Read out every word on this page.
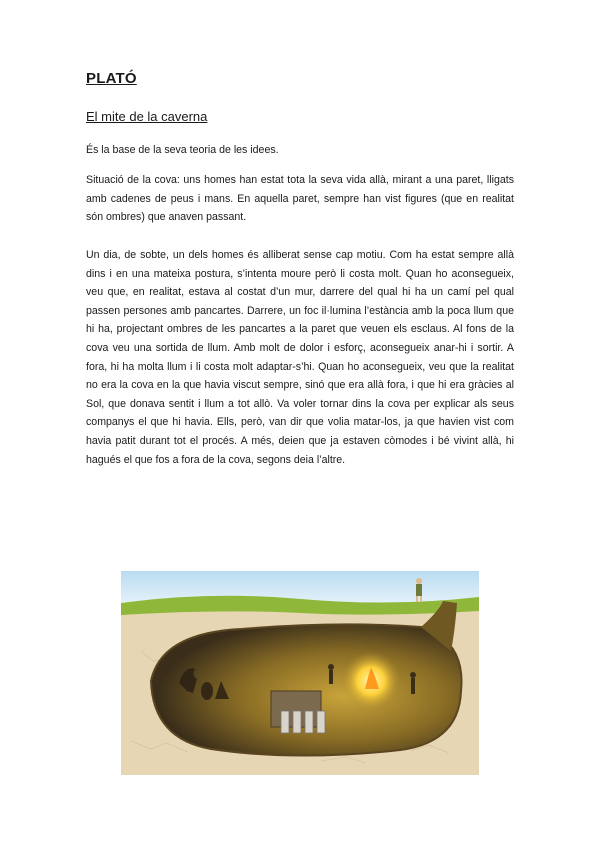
PLATÓ
El mite de la caverna

És la base de la seva teoria de les idees.

Situació de la cova: uns homes han estat tota la seva vida allà, mirant a una paret, lligats amb cadenes de peus i mans. En aquella paret, sempre han vist figures (que en realitat són ombres) que anaven passant.

Un dia, de sobte, un dels homes és alliberat sense cap motiu. Com ha estat sempre allà dins i en una mateixa postura, s’intenta moure però li costa molt. Quan ho aconsegueix, veu que, en realitat, estava al costat d’un mur, darrere del qual hi ha un camí pel qual passen persones amb pancartes. Darrere, un foc il·lumina l’estància amb la poca llum que hi ha, projectant ombres de les pancartes a la paret que veuen els esclaus. Al fons de la cova veu una sortida de llum. Amb molt de dolor i esforç, aconsegueix anar-hi i sortir. A fora, hi ha molta llum i li costa molt adaptar-s’hi. Quan ho aconsegueix, veu que la realitat no era la cova en la que havia viscut sempre, sinó que era allà fora, i que hi era gràcies al Sol, que donava sentit i llum a tot allò. Va voler tornar dins la cova per explicar als seus companys el que hi havia. Ells, però, van dir que volia matar-los, ja que havien vist com havia patit durant tot el procés. A més, deien que ja estaven còmodes i bé vivint allà, hi hagués el que fos a fora de la cova, segons deia l’altre.
